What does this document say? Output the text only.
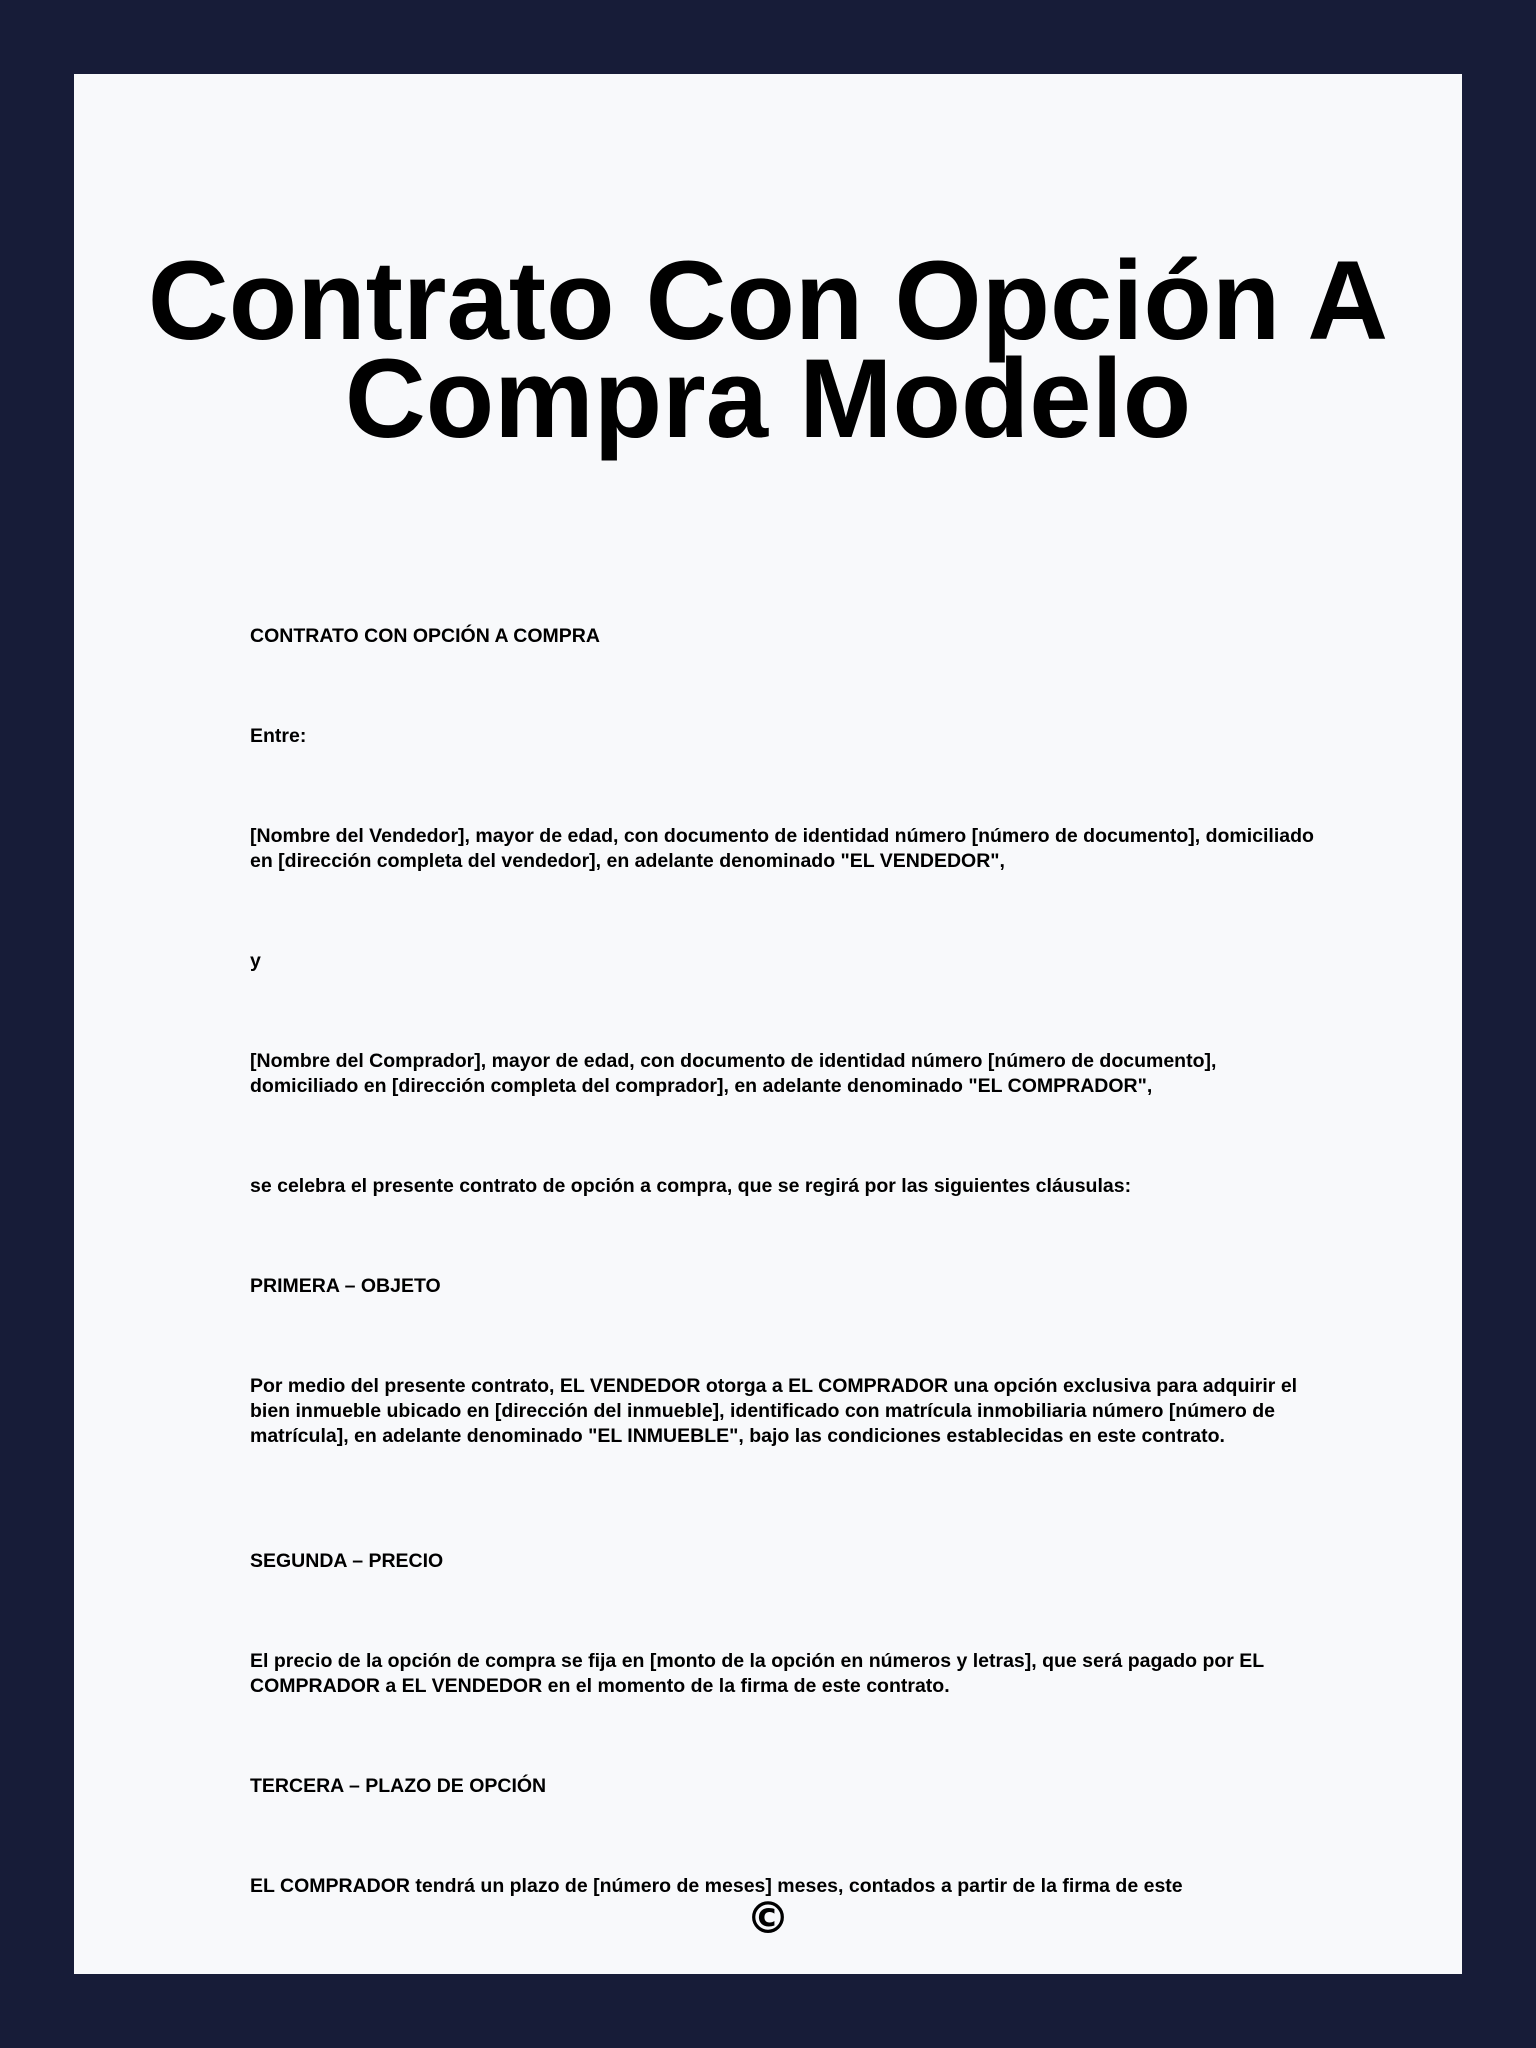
Contrato Con Opción A Compra Modelo

CONTRATO CON OPCIÓN A COMPRA

Entre:

[Nombre del Vendedor], mayor de edad, con documento de identidad número [número de documento], domiciliado en [dirección completa del vendedor], en adelante denominado "EL VENDEDOR",

y

[Nombre del Comprador], mayor de edad, con documento de identidad número [número de documento], domiciliado en [dirección completa del comprador], en adelante denominado "EL COMPRADOR",

se celebra el presente contrato de opción a compra, que se regirá por las siguientes cláusulas:

PRIMERA – OBJETO

Por medio del presente contrato, EL VENDEDOR otorga a EL COMPRADOR una opción exclusiva para adquirir el bien inmueble ubicado en [dirección del inmueble], identificado con matrícula inmobiliaria número [número de matrícula], en adelante denominado "EL INMUEBLE", bajo las condiciones establecidas en este contrato.

SEGUNDA – PRECIO

El precio de la opción de compra se fija en [monto de la opción en números y letras], que será pagado por EL COMPRADOR a EL VENDEDOR en el momento de la firma de este contrato.

TERCERA – PLAZO DE OPCIÓN

EL COMPRADOR tendrá un plazo de [número de meses] meses, contados a partir de la firma de este

©
